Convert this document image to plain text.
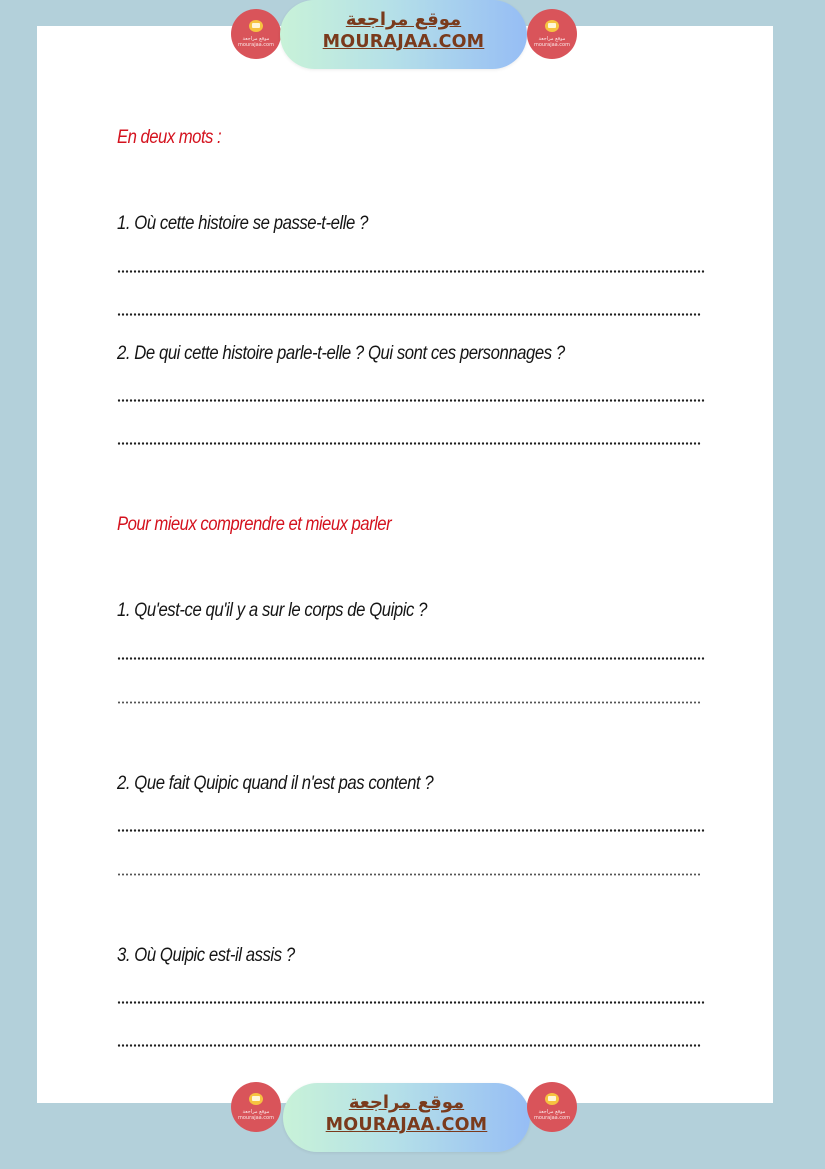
موقع مراجعة
mourajaa.com
موقع مراجعة
MOURAJAA.COM	موقع مراجعة
mourajaa.com
En deux mots :
1. Où cette histoire se passe-t-elle ?
2. De qui cette histoire parle-t-elle ? Qui sont ces personnages ?
Pour mieux comprendre et mieux parler
1. Qu'est-ce qu'il y a sur le corps de Quipic ?
2. Que fait Quipic quand il n'est pas content ?
3. Où Quipic est-il assis ?
موقع مراجعة
mourajaa.com
موقع مراجعة
MOURAJAA.COM
موقع مراجعة
mourajaa.com
